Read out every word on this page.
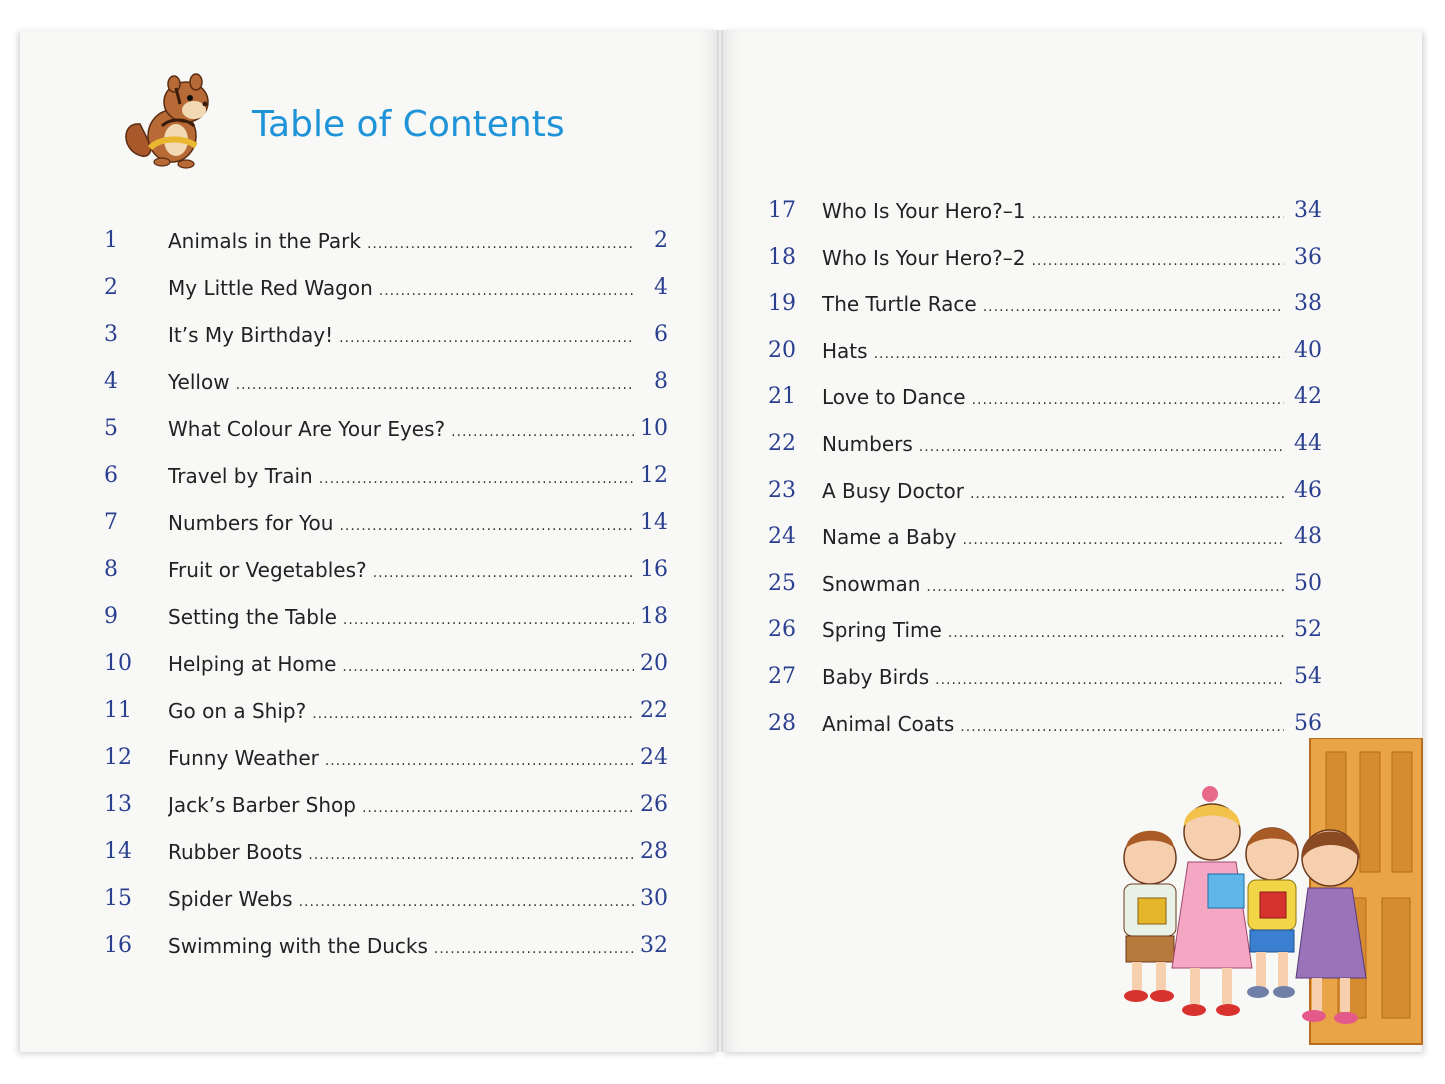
Table of Contents
1	Animals in the Park .....	2
2	My Little Red Wagon .....	4
3	It’s My Birthday! .....	6
4	Yellow .....	8
5	What Colour Are Your Eyes? .....	10
6	Travel by Train .....	12
7	Numbers for You .....	14
8	Fruit or Vegetables? .....	16
9	Setting the Table .....	18
10 Helping at Home .....	20
11 Go on a Ship? .....	22
12 Funny Weather .....	24
13 Jack’s Barber Shop .....	26
14 Rubber Boots .....	28
15 Spider Webs .....	30
16 Swimming with the Ducks .....	32
17 Who Is Your Hero?–1 .....	34
18 Who Is Your Hero?–2 .....	36
19 The Turtle Race .....	38
20 Hats .....	40
21 Love to Dance .....	42
22 Numbers .....	44
23 A Busy Doctor .....	46
24 Name a Baby .....	48
25 Snowman .....	50
26 Spring Time .....	52
27 Baby Birds .....	54
28 Animal Coats .....	56
